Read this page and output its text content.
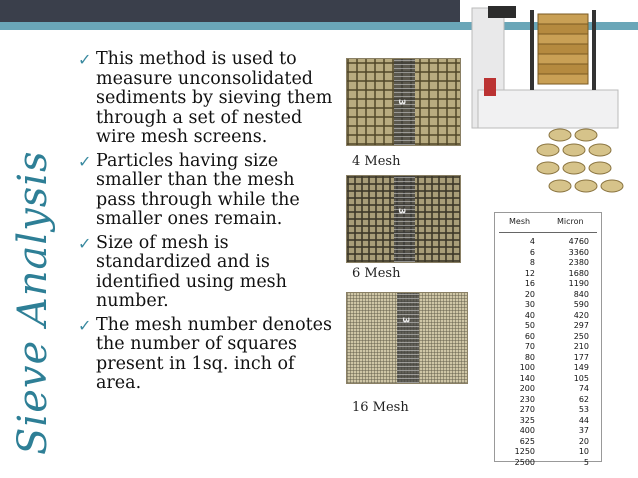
Sieve Analysis
✓ This method is used to measure unconsolidated sediments by sieving them through a set of nested wire mesh screens.
✓ Particles having size smaller than the mesh pass through while the smaller ones remain.
✓ Size of mesh is standardized and is identified using mesh number.
✓ The mesh number denotes the number of squares present in 1sq. inch of area.
3
4 Mesh
3
6 Mesh
3
16 Mesh
Mesh	Micron
4	4760
6	3360
8	2380
12	1680
16	1190
20	840
30	590
40	420
50	297
60	250
70	210
80	177
100	149
140	105
200	74
230	62
270	53
325	44
400	37
625	20
1250	10
2500	5
